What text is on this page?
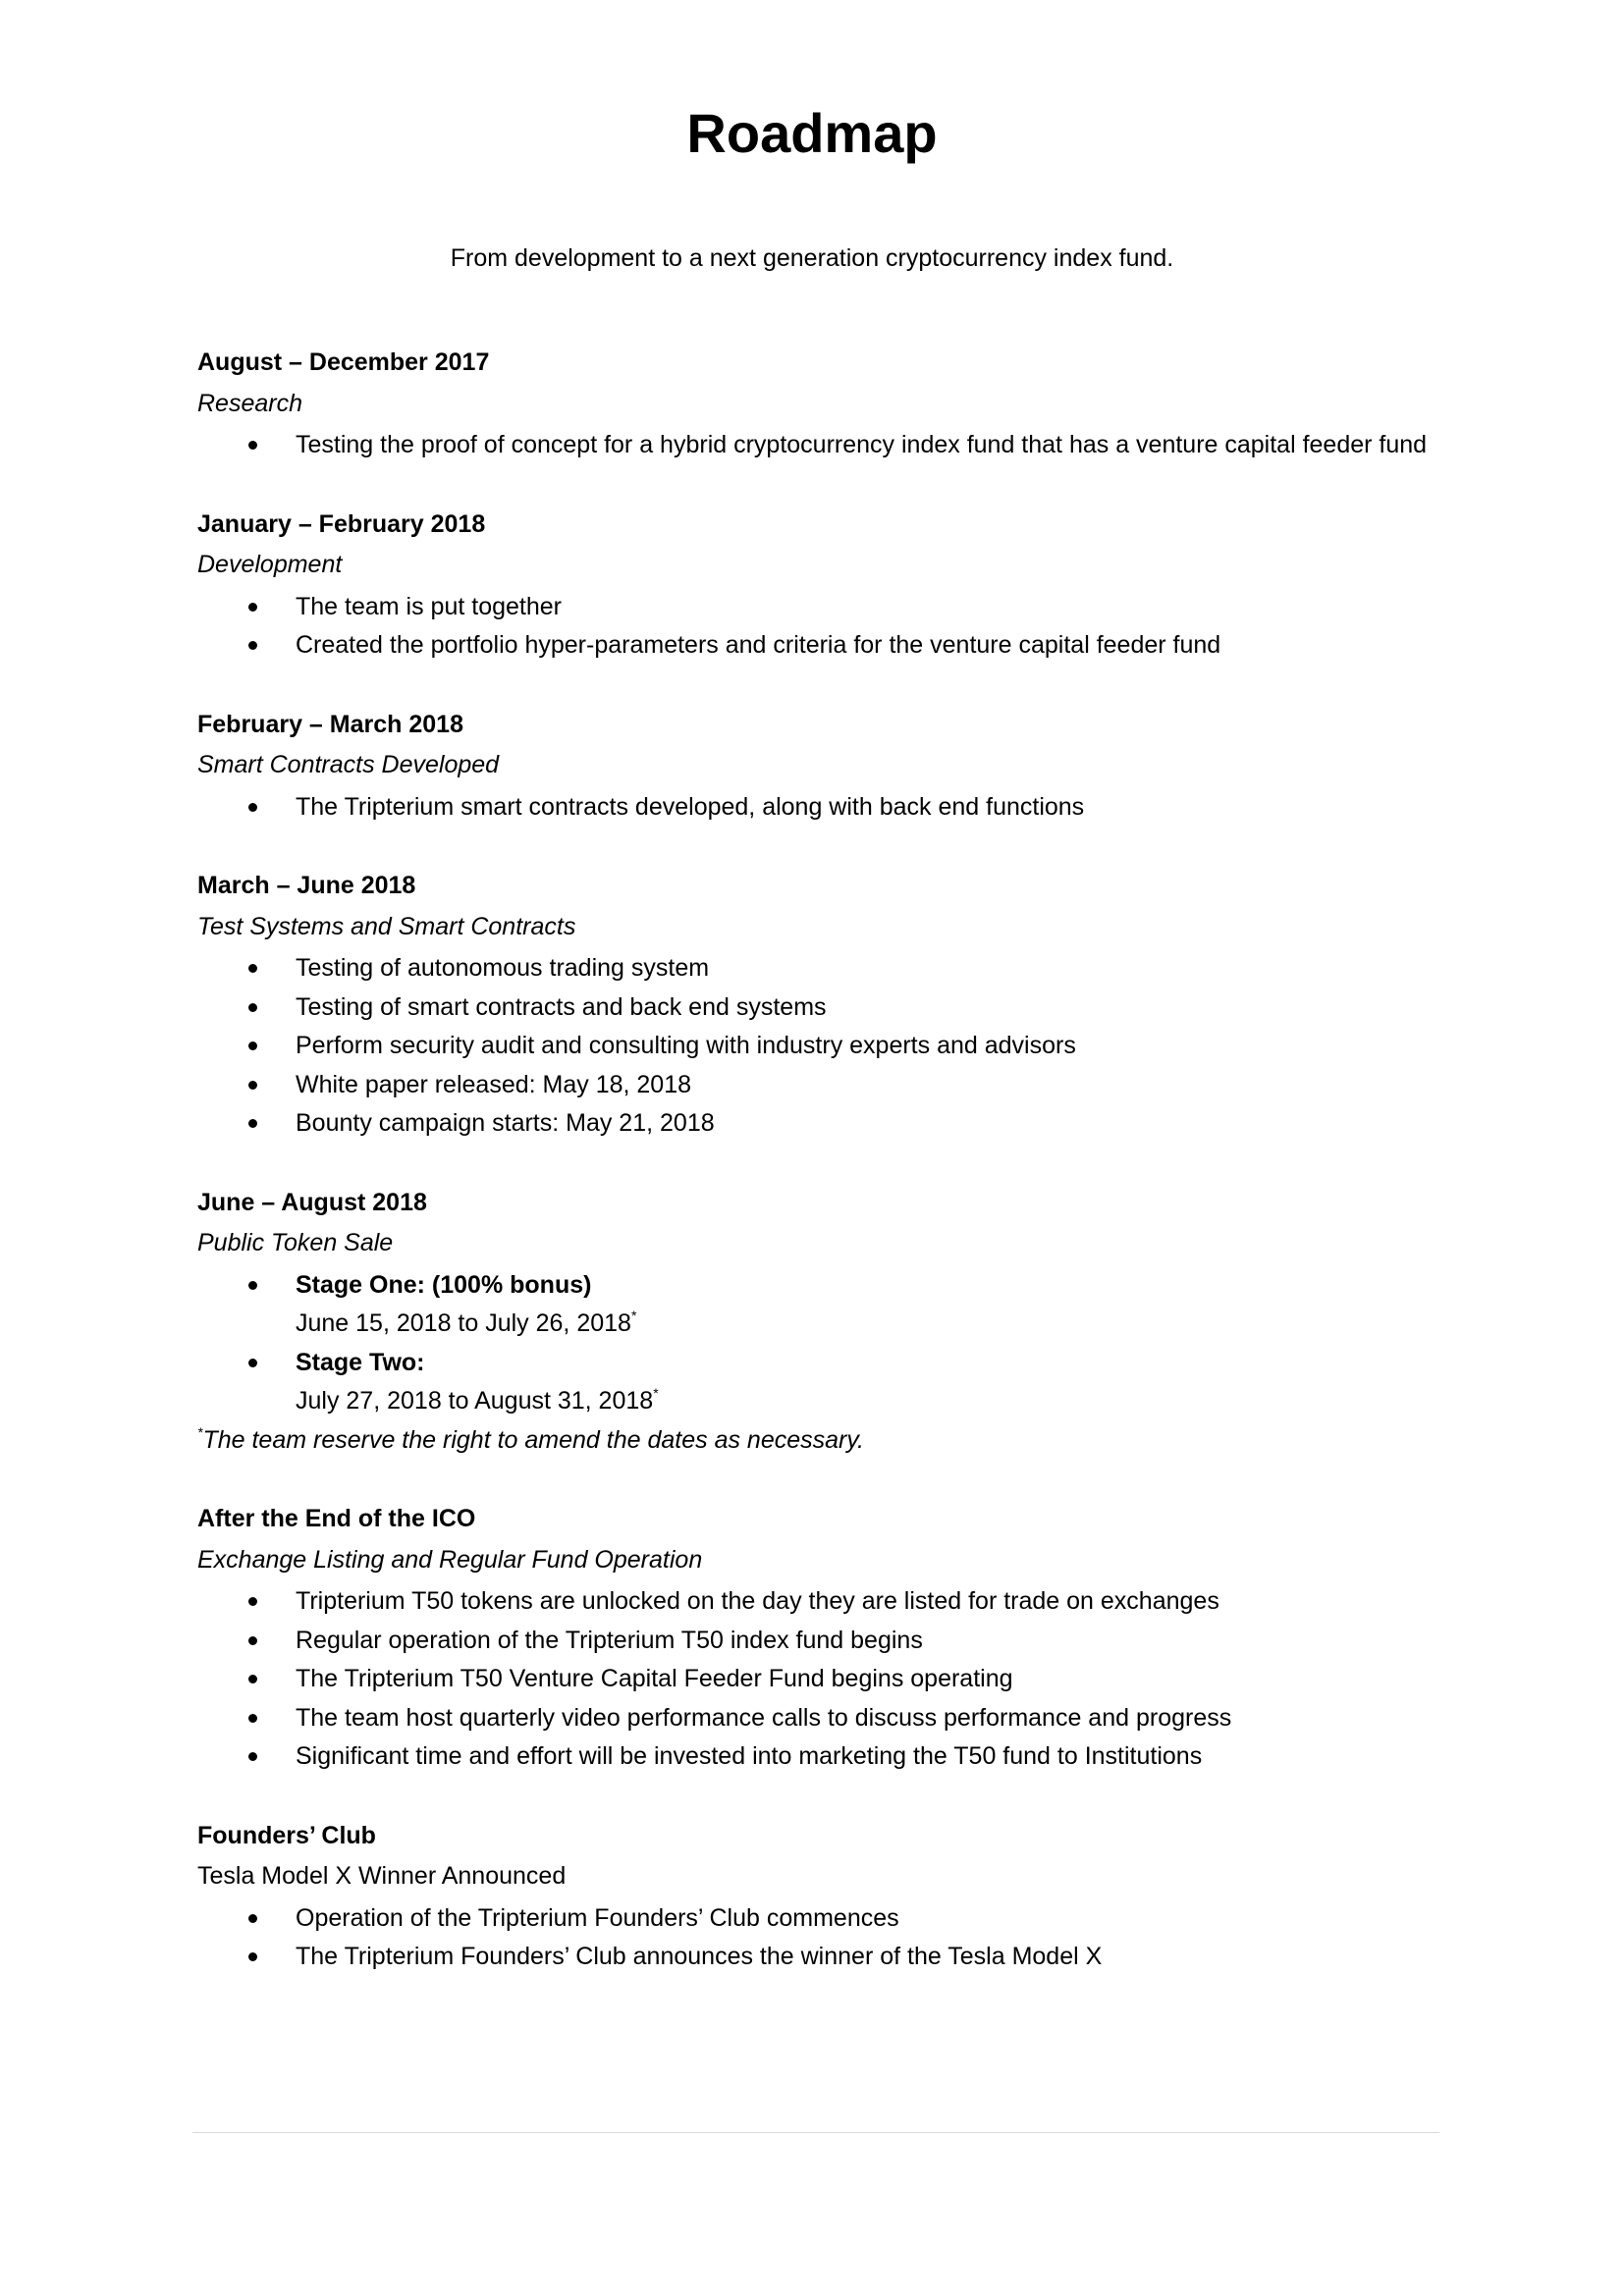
Roadmap

From development to a next generation cryptocurrency index fund.

August – December 2017

Research

Testing the proof of concept for a hybrid cryptocurrency index fund that has a venture capital feeder fund

January – February 2018

Development

The team is put together
Created the portfolio hyper-parameters and criteria for the venture capital feeder fund

February – March 2018

Smart Contracts Developed

The Tripterium smart contracts developed, along with back end functions

March – June 2018

Test Systems and Smart Contracts

Testing of autonomous trading system
Testing of smart contracts and back end systems
Perform security audit and consulting with industry experts and advisors
White paper released: May 18, 2018
Bounty campaign starts: May 21, 2018

June – August 2018

Public Token Sale

Stage One: (100% bonus)
June 15, 2018 to July 26, 2018*
Stage Two:
July 27, 2018 to August 31, 2018*

*The team reserve the right to amend the dates as necessary.

After the End of the ICO

Exchange Listing and Regular Fund Operation

Tripterium T50 tokens are unlocked on the day they are listed for trade on exchanges
Regular operation of the Tripterium T50 index fund begins
The Tripterium T50 Venture Capital Feeder Fund begins operating
The team host quarterly video performance calls to discuss performance and progress
Significant time and effort will be invested into marketing the T50 fund to Institutions

Founders’ Club

Tesla Model X Winner Announced

Operation of the Tripterium Founders’ Club commences
The Tripterium Founders’ Club announces the winner of the Tesla Model X
